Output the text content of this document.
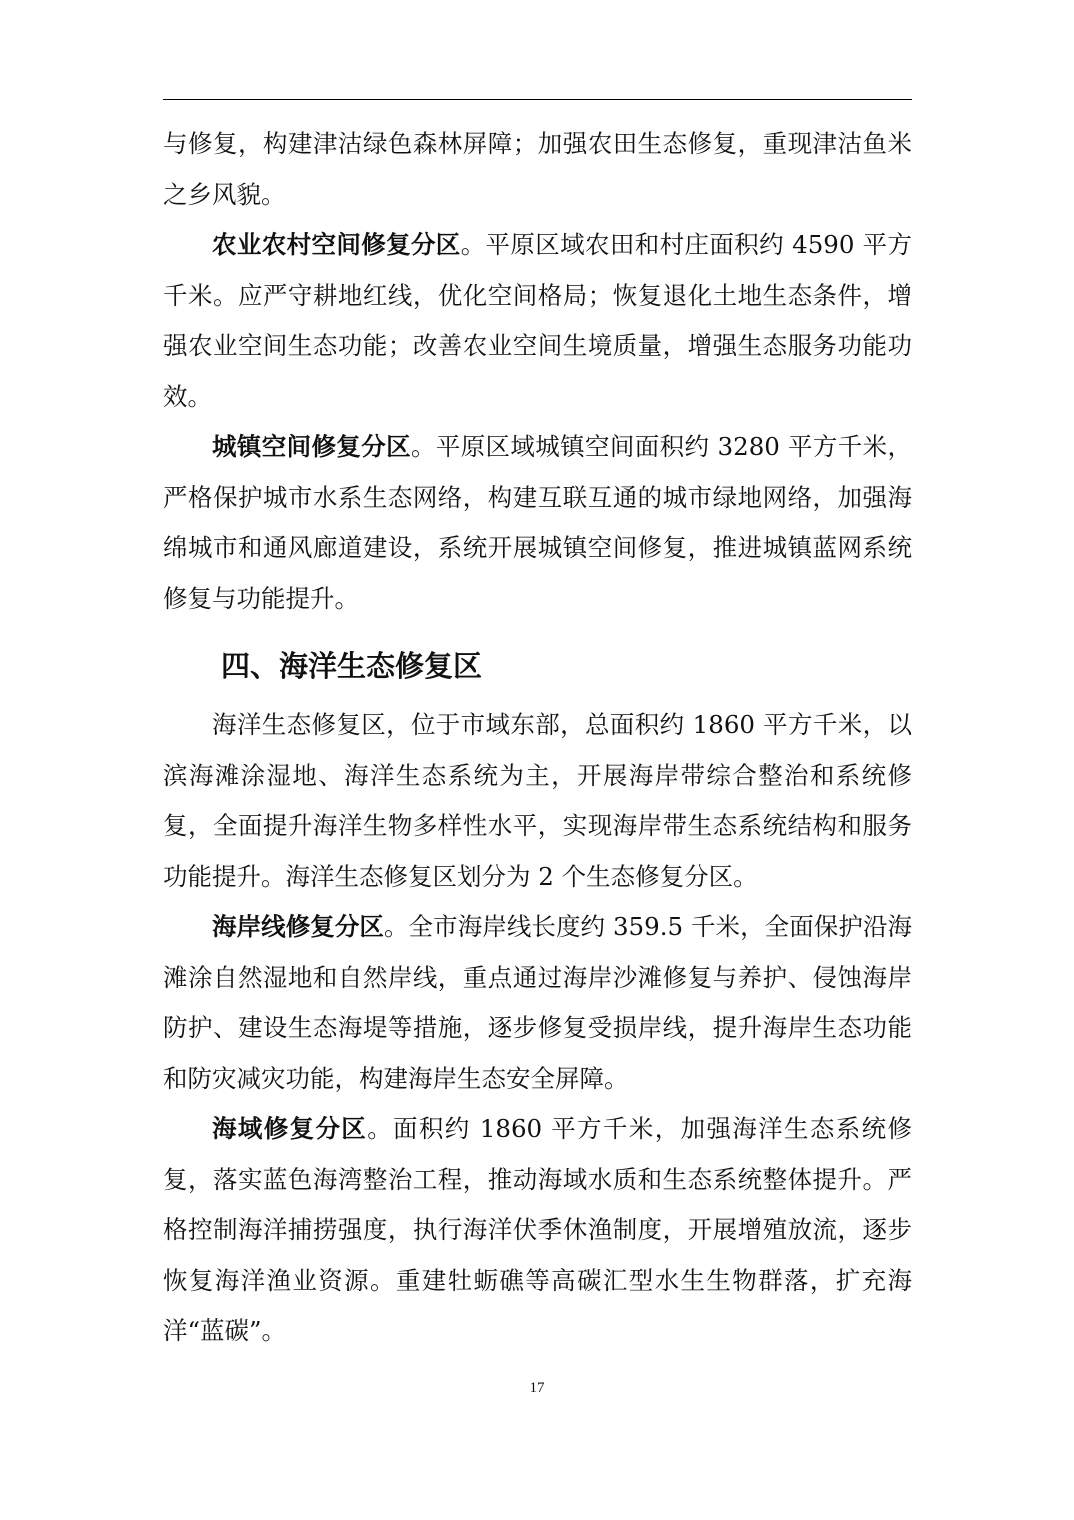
与修复，构建津沽绿色森林屏障；加强农田生态修复，重现津沽鱼米之乡风貌。

农业农村空间修复分区。平原区域农田和村庄面积约 4590 平方千米。应严守耕地红线，优化空间格局；恢复退化土地生态条件，增强农业空间生态功能；改善农业空间生境质量，增强生态服务功能功效。

城镇空间修复分区。平原区域城镇空间面积约 3280 平方千米，严格保护城市水系生态网络，构建互联互通的城市绿地网络，加强海绵城市和通风廊道建设，系统开展城镇空间修复，推进城镇蓝网系统修复与功能提升。

四、海洋生态修复区

海洋生态修复区，位于市域东部，总面积约 1860 平方千米，以滨海滩涂湿地、海洋生态系统为主，开展海岸带综合整治和系统修复，全面提升海洋生物多样性水平，实现海岸带生态系统结构和服务功能提升。海洋生态修复区划分为 2 个生态修复分区。

海岸线修复分区。全市海岸线长度约 359.5 千米，全面保护沿海滩涂自然湿地和自然岸线，重点通过海岸沙滩修复与养护、侵蚀海岸防护、建设生态海堤等措施，逐步修复受损岸线，提升海岸生态功能和防灾减灾功能，构建海岸生态安全屏障。

海域修复分区。面积约 1860 平方千米，加强海洋生态系统修复，落实蓝色海湾整治工程，推动海域水质和生态系统整体提升。严格控制海洋捕捞强度，执行海洋伏季休渔制度，开展增殖放流，逐步恢复海洋渔业资源。重建牡蛎礁等高碳汇型水生生物群落，扩充海洋“蓝碳”。

17
